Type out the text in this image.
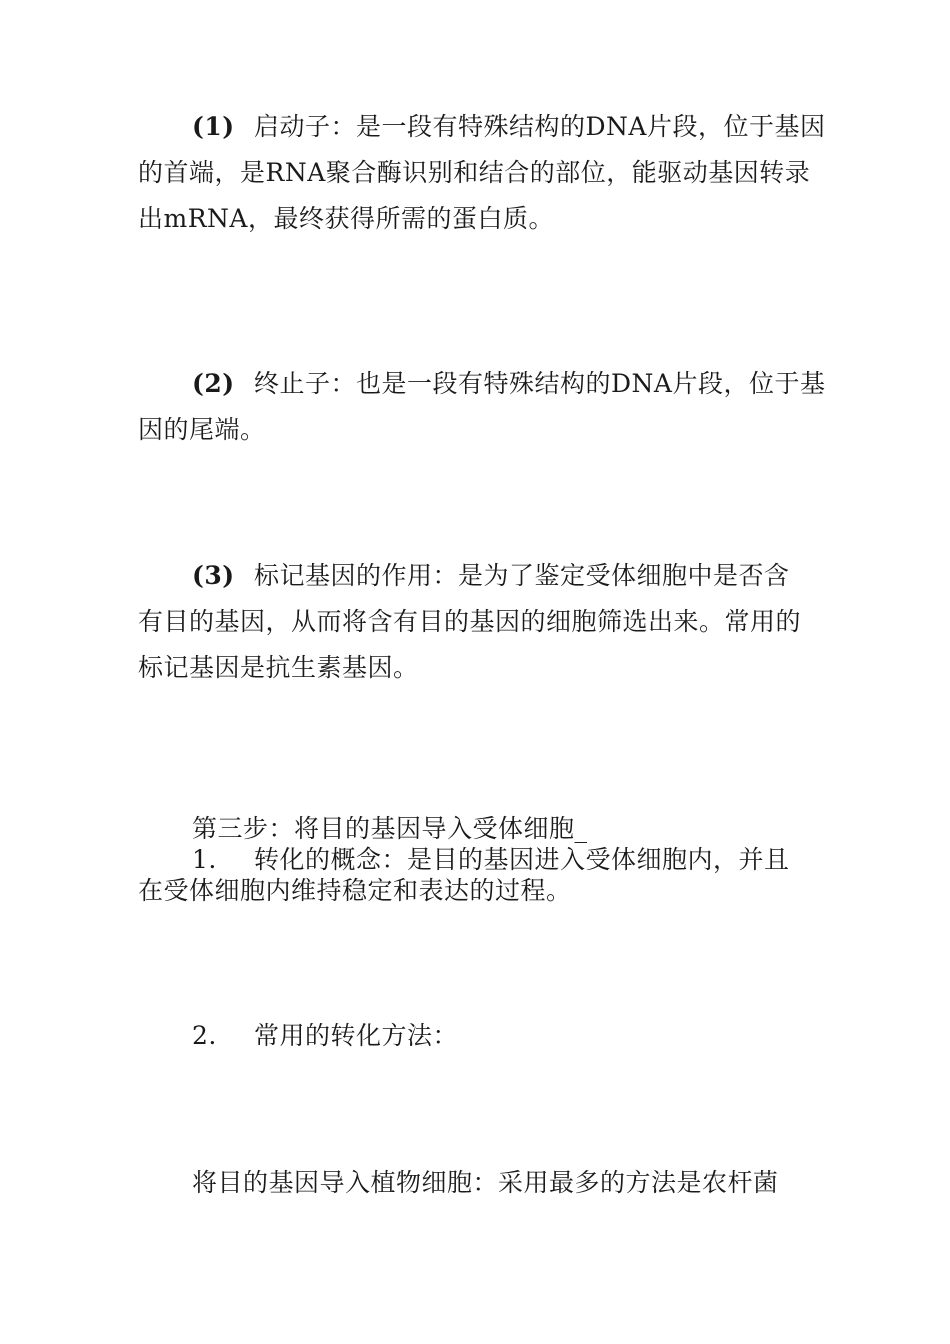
(1) 启动子：是一段有特殊结构的DNA片段，位于基因
的首端，是RNA聚合酶识别和结合的部位，能驱动基因转录
出mRNA，最终获得所需的蛋白质。
(2) 终止子：也是一段有特殊结构的DNA片段，位于基
因的尾端。
(3) 标记基因的作用：是为了鉴定受体细胞中是否含
有目的基因，从而将含有目的基因的细胞筛选出来。常用的
标记基因是抗生素基因。
第三步：将目的基因导入受体细胞_
1. 转化的概念：是目的基因进入受体细胞内，并且
在受体细胞内维持稳定和表达的过程。
2. 常用的转化方法：
将目的基因导入植物细胞：采用最多的方法是农杆菌
